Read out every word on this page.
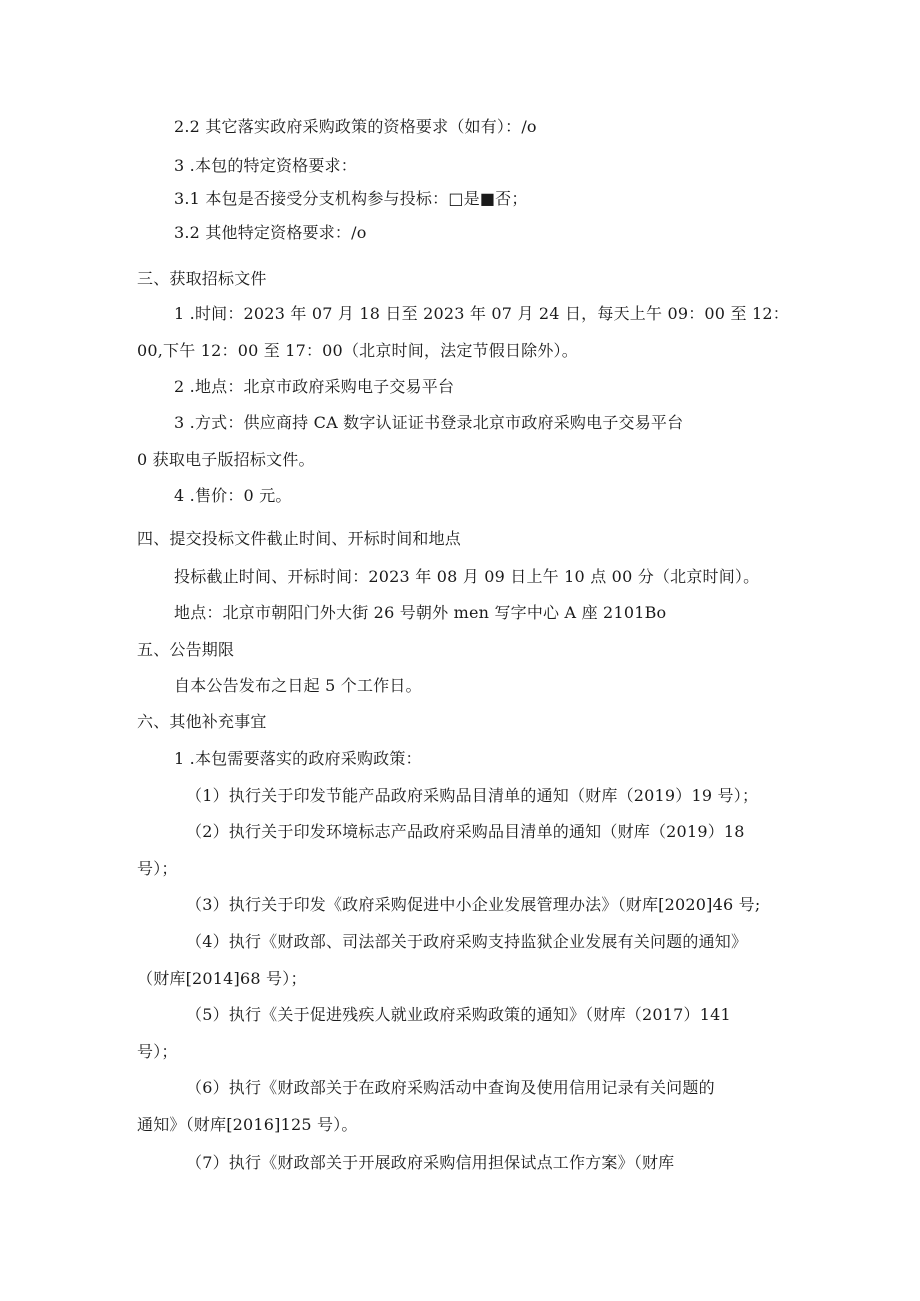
2.2 其它落实政府采购政策的资格要求（如有）：/o
3 .本包的特定资格要求：
3.1 本包是否接受分支机构参与投标：□是■否；
3.2 其他特定资格要求：/o
三、获取招标文件
1 .时间：2023 年 07 月 18 日至 2023 年 07 月 24 日，每天上午 09：00 至 12：
00,下午 12：00 至 17：00（北京时间，法定节假日除外）。
2 .地点：北京市政府采购电子交易平台
3 .方式：供应商持 CA 数字认证证书登录北京市政府采购电子交易平台
0 获取电子版招标文件。
4 .售价：0 元。
四、提交投标文件截止时间、开标时间和地点
投标截止时间、开标时间：2023 年 08 月 09 日上午 10 点 00 分（北京时间）。
地点：北京市朝阳门外大街 26 号朝外 men 写字中心 A 座 2101Bo
五、公告期限
自本公告发布之日起 5 个工作日。
六、其他补充事宜
1 .本包需要落实的政府采购政策：
（1）执行关于印发节能产品政府采购品目清单的通知（财库（2019）19 号）；
（2）执行关于印发环境标志产品政府采购品目清单的通知（财库（2019）18
号）；
（3）执行关于印发《政府采购促进中小企业发展管理办法》（财库[2020]46 号;
（4）执行《财政部、司法部关于政府采购支持监狱企业发展有关问题的通知》
（财库[2014]68 号）；
（5）执行《关于促进残疾人就业政府采购政策的通知》（财库（2017）141
号）；
（6）执行《财政部关于在政府采购活动中查询及使用信用记录有关问题的
通知》（财库[2016]125 号）。
（7）执行《财政部关于开展政府采购信用担保试点工作方案》（财库
